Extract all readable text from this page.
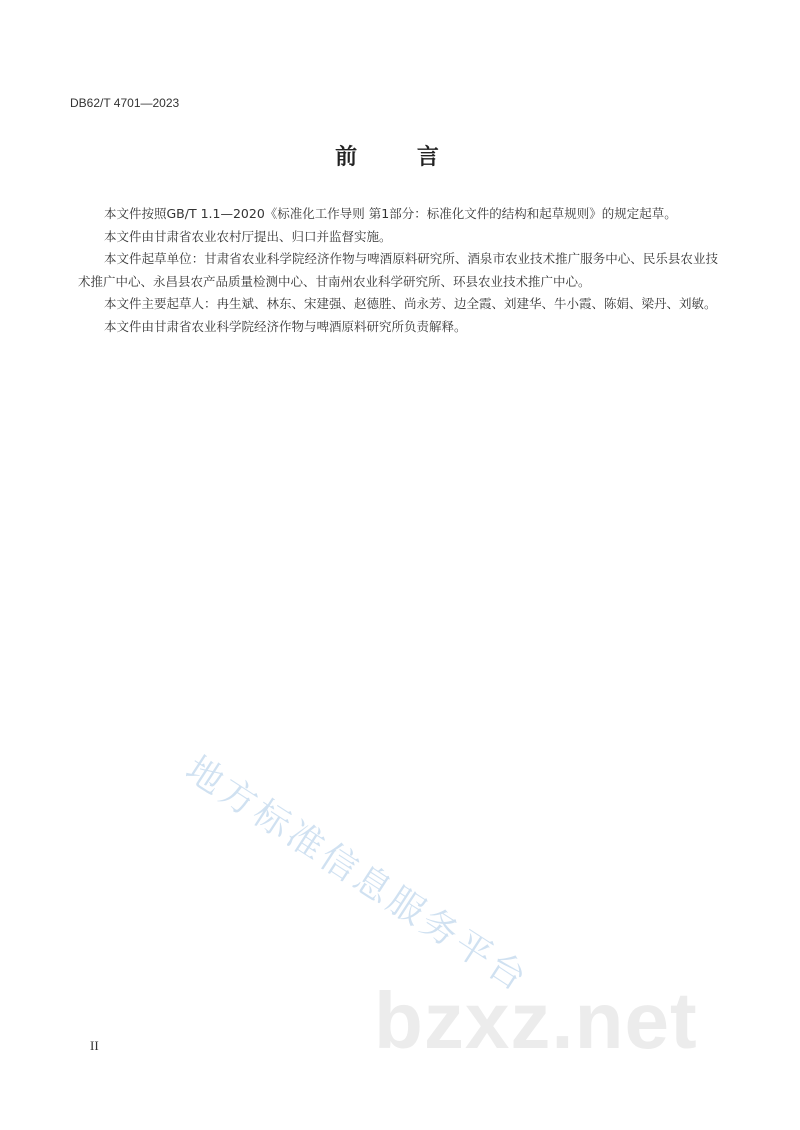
DB62/T 4701—2023
前 言

本文件按照GB/T 1.1—2020《标准化工作导则 第1部分：标准化文件的结构和起草规则》的规定起草。

本文件由甘肃省农业农村厅提出、归口并监督实施。

本文件起草单位：甘肃省农业科学院经济作物与啤酒原料研究所、酒泉市农业技术推广服务中心、民乐县农业技术推广中心、永昌县农产品质量检测中心、甘南州农业科学研究所、环县农业技术推广中心。

本文件主要起草人：冉生斌、林东、宋建强、赵德胜、尚永芳、边全霞、刘建华、牛小霞、陈娟、梁丹、刘敏。

本文件由甘肃省农业科学院经济作物与啤酒原料研究所负责解释。

地方标准信息服务平台
bzxz.net
II
